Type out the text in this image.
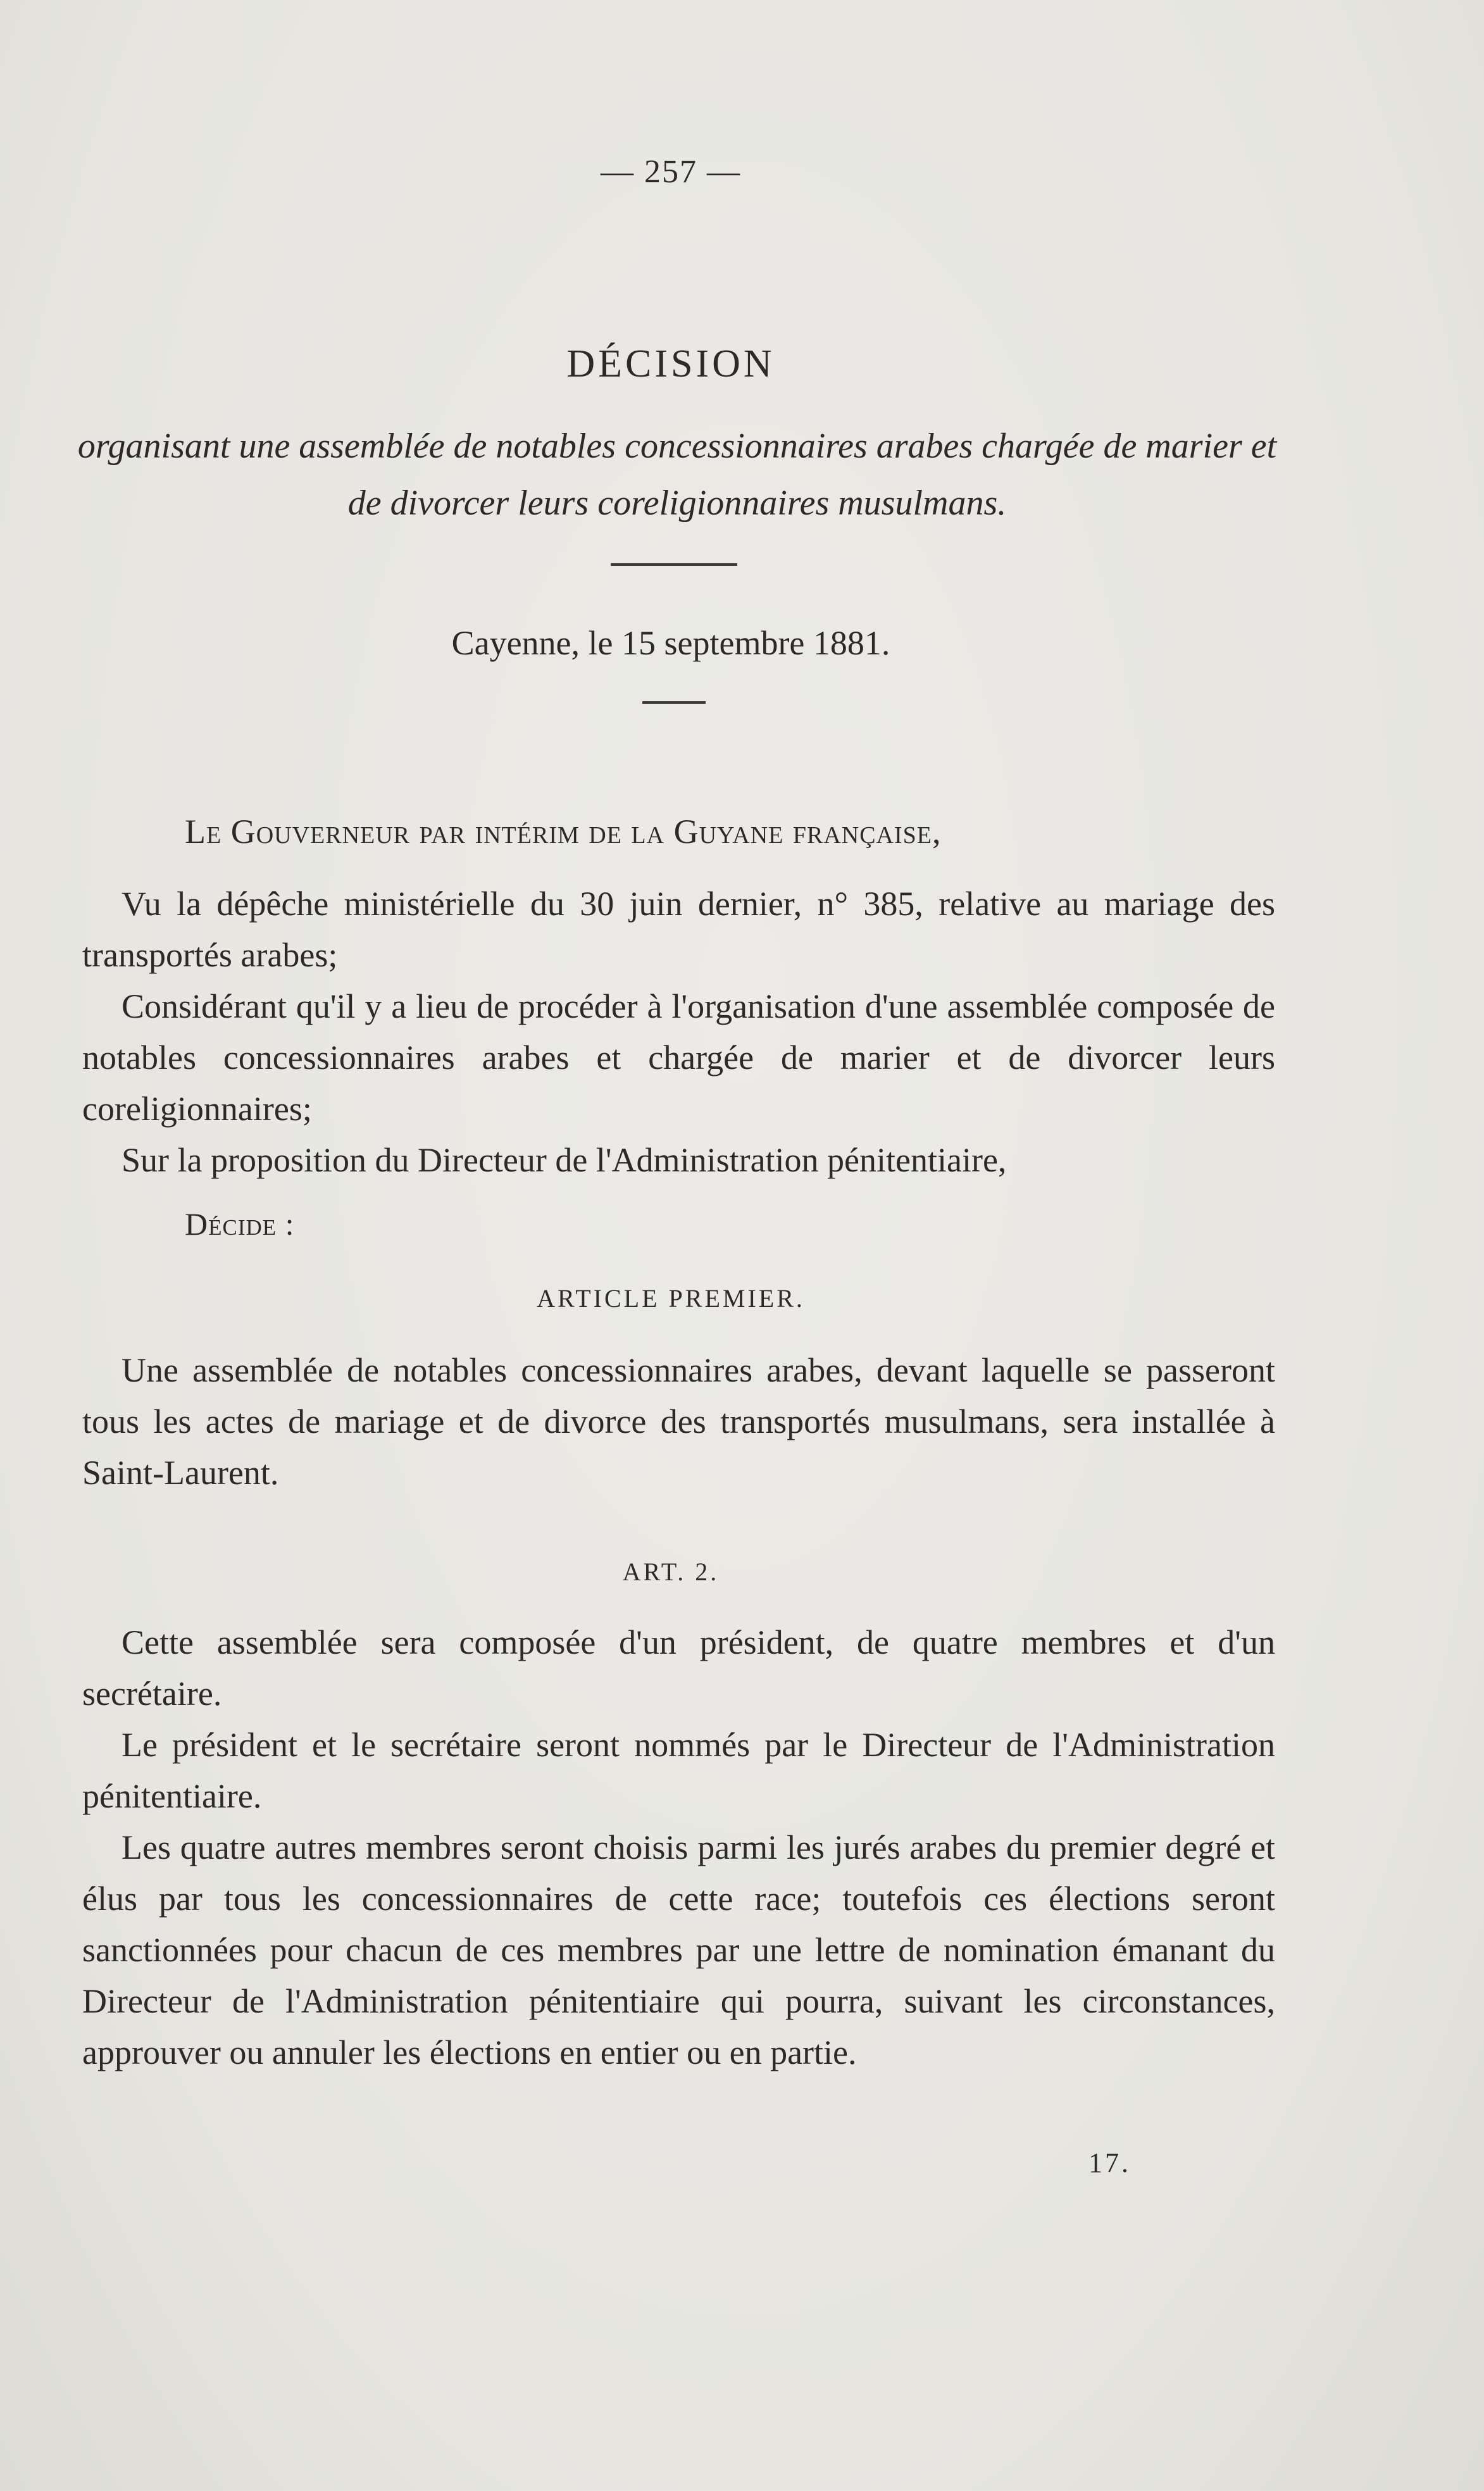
— 257 —
DÉCISION
organisant une assemblée de notables concessionnaires arabes chargée de marier et de divorcer leurs coreligionnaires musulmans.
Cayenne, le 15 septembre 1881.
Le Gouverneur par intérim de la Guyane française,

Vu la dépêche ministérielle du 30 juin dernier, n° 385, relative au mariage des transportés arabes;

Considérant qu'il y a lieu de procéder à l'organisation d'une assemblée composée de notables concessionnaires arabes et chargée de marier et de divorcer leurs coreligionnaires;

Sur la proposition du Directeur de l'Administration pénitentiaire,

Décide :
ARTICLE PREMIER.

Une assemblée de notables concessionnaires arabes, devant laquelle se passeront tous les actes de mariage et de divorce des transportés musulmans, sera installée à Saint-Laurent.

ART. 2.

Cette assemblée sera composée d'un président, de quatre membres et d'un secrétaire.

Le président et le secrétaire seront nommés par le Directeur de l'Administration pénitentiaire.

Les quatre autres membres seront choisis parmi les jurés arabes du premier degré et élus par tous les concessionnaires de cette race; toutefois ces élections seront sanctionnées pour chacun de ces membres par une lettre de nomination émanant du Directeur de l'Administration pénitentiaire qui pourra, suivant les circonstances, approuver ou annuler les élections en entier ou en partie.

17.
